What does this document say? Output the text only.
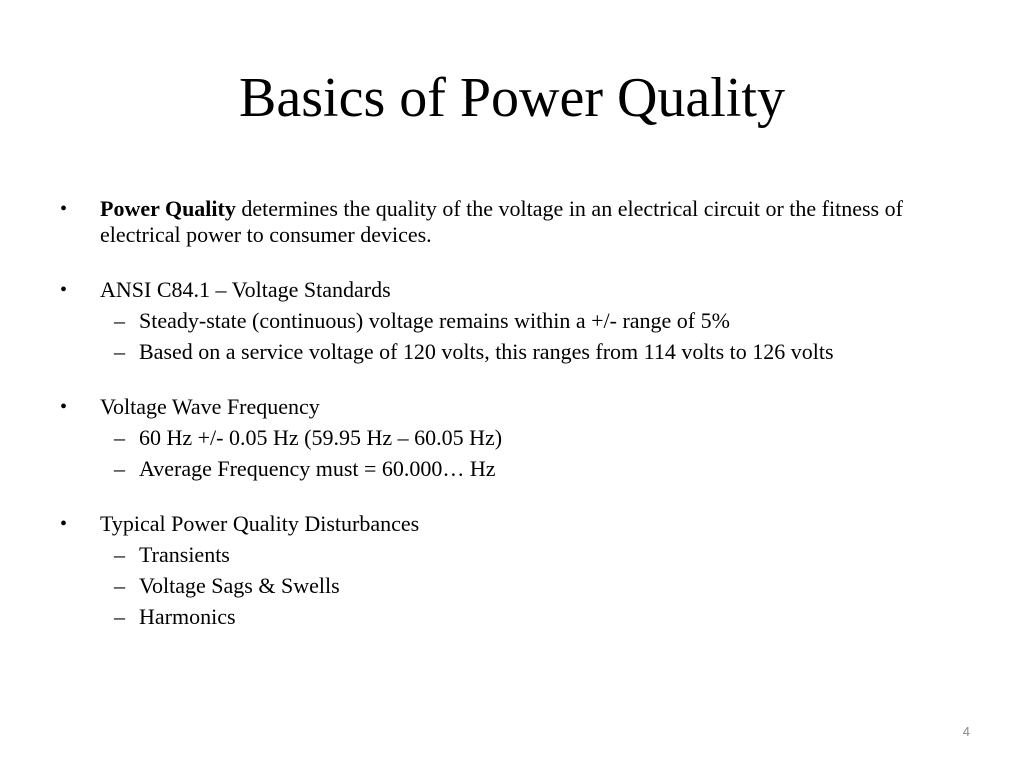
Basics of Power Quality
•	Power Quality determines the quality of the voltage in an electrical circuit or the fitness of electrical power to consumer devices.
•	ANSI C84.1 – Voltage Standards
– Steady-state (continuous) voltage remains within a +/- range of 5%
– Based on a service voltage of 120 volts, this ranges from 114 volts to 126 volts
•	Voltage Wave Frequency
– 60 Hz +/- 0.05 Hz (59.95 Hz – 60.05 Hz)
– Average Frequency must = 60.000… Hz
•	Typical Power Quality Disturbances
– Transients
– Voltage Sags & Swells
– Harmonics
4
